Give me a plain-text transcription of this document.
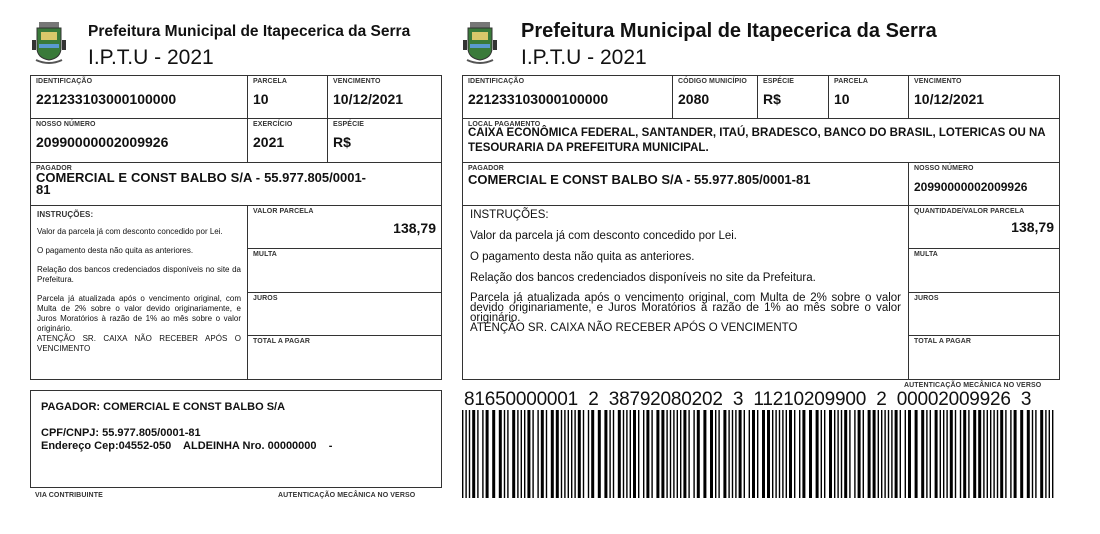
Prefeitura Municipal de Itapecerica da Serra
I.P.T.U - 2021
IDENTIFICAÇÃO
221233103000100000
PARCELA
10
VENCIMENTO
10/12/2021
NOSSO NÚMERO
20990000002009926
EXERCÍCIO
2021
ESPÉCIE
R$
PAGADOR
COMERCIAL E CONST BALBO S/A - 55.977.805/0001-81
INSTRUÇÕES:
Valor da parcela já com desconto concedido por Lei.
O pagamento desta não quita as anteriores.
Relação dos bancos credenciados disponíveis no site da Prefeitura.
Parcela já atualizada após o vencimento original, com Multa de 2% sobre o valor devido originariamente, e Juros Moratórios à razão de 1% ao mês sobre o valor originário.
ATENÇÃO SR. CAIXA NÃO RECEBER APÓS O VENCIMENTO
VALOR PARCELA
138,79
MULTA
JUROS
TOTAL A PAGAR
PAGADOR: COMERCIAL E CONST BALBO S/A
CPF/CNPJ: 55.977.805/0001-81
Endereço Cep:04552-050    ALDEINHA Nro. 00000000    -
VIA CONTRIBUINTE	AUTENTICAÇÃO MECÂNICA NO VERSO
Prefeitura Municipal de Itapecerica da Serra
I.P.T.U - 2021
IDENTIFICAÇÃO
221233103000100000
CÓDIGO MUNICÍPIO
2080
ESPÉCIE
R$
PARCELA
10
VENCIMENTO
10/12/2021
LOCAL PAGAMENTO
CAIXA ECONÔMICA FEDERAL, SANTANDER, ITAÚ, BRADESCO, BANCO DO BRASIL, LOTERICAS OU NA TESOURARIA DA PREFEITURA MUNICIPAL.
PAGADOR
COMERCIAL E CONST BALBO S/A - 55.977.805/0001-81
NOSSO NÚMERO
20990000002009926
INSTRUÇÕES:
Valor da parcela já com desconto concedido por Lei.
O pagamento desta não quita as anteriores.
Relação dos bancos credenciados disponíveis no site da Prefeitura.
Parcela já atualizada após o vencimento original, com Multa de 2% sobre o valor devido originariamente, e Juros Moratórios à razão de 1% ao mês sobre o valor originário.
ATENÇÃO SR. CAIXA NÃO RECEBER APÓS O VENCIMENTO
QUANTIDADE/VALOR PARCELA
138,79
MULTA
JUROS
TOTAL A PAGAR
AUTENTICAÇÃO MECÂNICA NO VERSO
81650000001  2  38792080202  3  11210209900  2  00002009926  3
